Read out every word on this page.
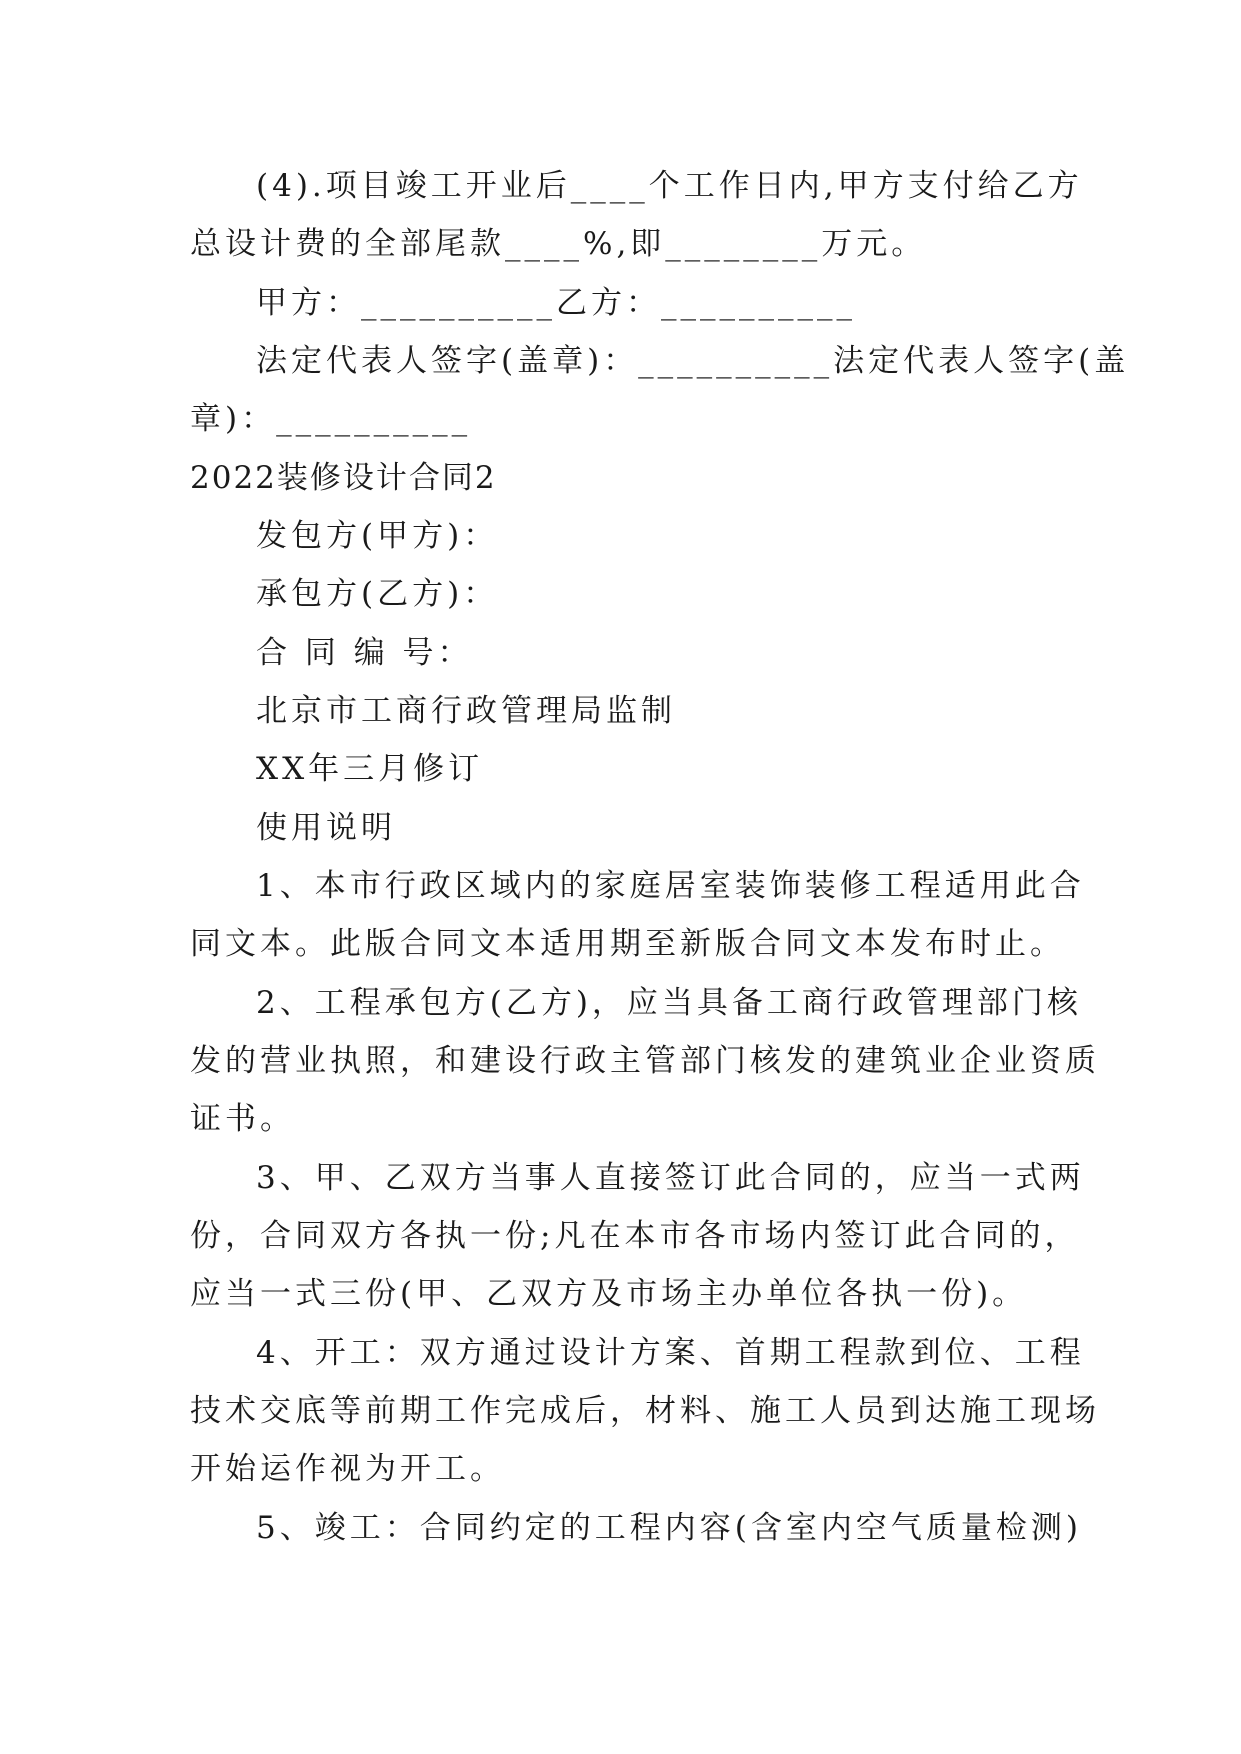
(4).项目竣工开业后____个工作日内,甲方支付给乙方
总设计费的全部尾款____%,即________万元。
甲方：__________乙方：__________
法定代表人签字(盖章)：__________法定代表人签字(盖
章)：__________
2022装修设计合同2
发包方(甲方)：
承包方(乙方)：
合 同 编 号：
北京市工商行政管理局监制
XX年三月修订
使用说明
1、本市行政区域内的家庭居室装饰装修工程适用此合
同文本。此版合同文本适用期至新版合同文本发布时止。
2、工程承包方(乙方)，应当具备工商行政管理部门核
发的营业执照，和建设行政主管部门核发的建筑业企业资质
证书。
3、甲、乙双方当事人直接签订此合同的，应当一式两
份，合同双方各执一份;凡在本市各市场内签订此合同的，
应当一式三份(甲、乙双方及市场主办单位各执一份)。
4、开工：双方通过设计方案、首期工程款到位、工程
技术交底等前期工作完成后，材料、施工人员到达施工现场
开始运作视为开工。
5、竣工：合同约定的工程内容(含室内空气质量检测)
